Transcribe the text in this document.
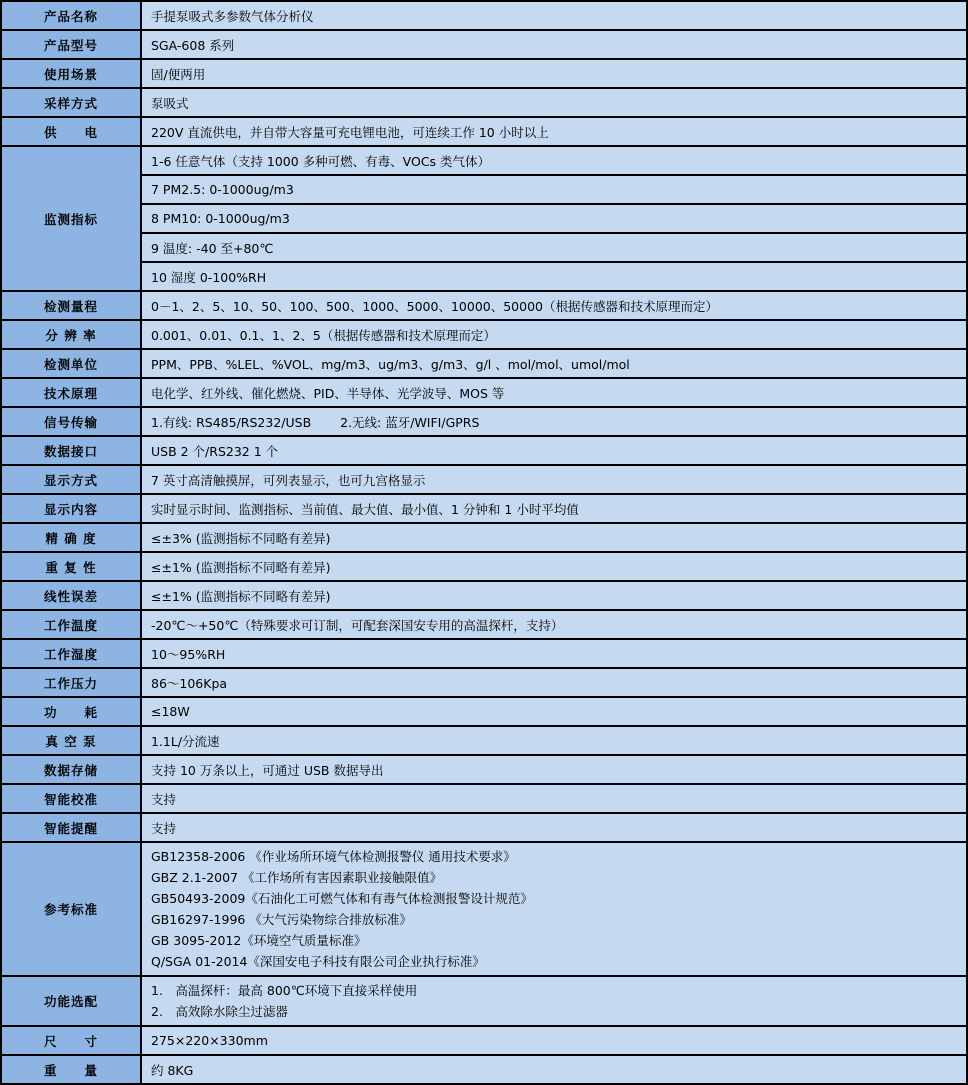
产品名称	手提泵吸式多参数气体分析仪
产品型号	SGA-608 系列
使用场景	固/便两用
采样方式	泵吸式
供　　电	220V 直流供电，并自带大容量可充电锂电池，可连续工作 10 小时以上
监测指标	1-6 任意气体（支持 1000 多种可燃、有毒、VOCs 类气体）
	7 PM2.5: 0-1000ug/m3
	8 PM10: 0-1000ug/m3
	9 温度: -40 至+80℃
	10 湿度 0-100%RH
检测量程	0－1、2、5、10、50、100、500、1000、5000、10000、50000（根据传感器和技术原理而定）
分 辨 率	0.001、0.01、0.1、1、2、5（根据传感器和技术原理而定）
检测单位	PPM、PPB、%LEL、%VOL、mg/m3、ug/m3、g/m3、g/l 、mol/mol、umol/mol
技术原理	电化学、红外线、催化燃烧、PID、半导体、光学波导、MOS 等
信号传输	1.有线: RS485/RS232/USB　　 2.无线: 蓝牙/WIFI/GPRS
数据接口	USB 2 个/RS232 1 个
显示方式	7 英寸高清触摸屏，可列表显示，也可九宫格显示
显示内容	实时显示时间、监测指标、当前值、最大值、最小值、1 分钟和 1 小时平均值
精 确 度	≤±3% (监测指标不同略有差异)
重 复 性	≤±1% (监测指标不同略有差异)
线性误差	≤±1% (监测指标不同略有差异)
工作温度	-20℃～+50℃（特殊要求可订制，可配套深国安专用的高温探杆，支持）
工作湿度	10～95%RH
工作压力	86～106Kpa
功　　耗	≤18W
真 空 泵	1.1L/分流速
数据存储	支持 10 万条以上，可通过 USB 数据导出
智能校准	支持
智能提醒	支持
参考标准	
GB12358-2006 《作业场所环境气体检测报警仪 通用技术要求》
GBZ 2.1-2007 《工作场所有害因素职业接触限值》
GB50493-2009《石油化工可燃气体和有毒气体检测报警设计规范》
GB16297-1996 《大气污染物综合排放标准》
GB 3095-2012《环境空气质量标准》
Q/SGA 01-2014《深国安电子科技有限公司企业执行标准》

功能选配	1.　高温探杆：最高 800℃环境下直接采样使用
2.　高效除水除尘过滤器

尺　　寸	275×220×330mm
重　　量	约 8KG
